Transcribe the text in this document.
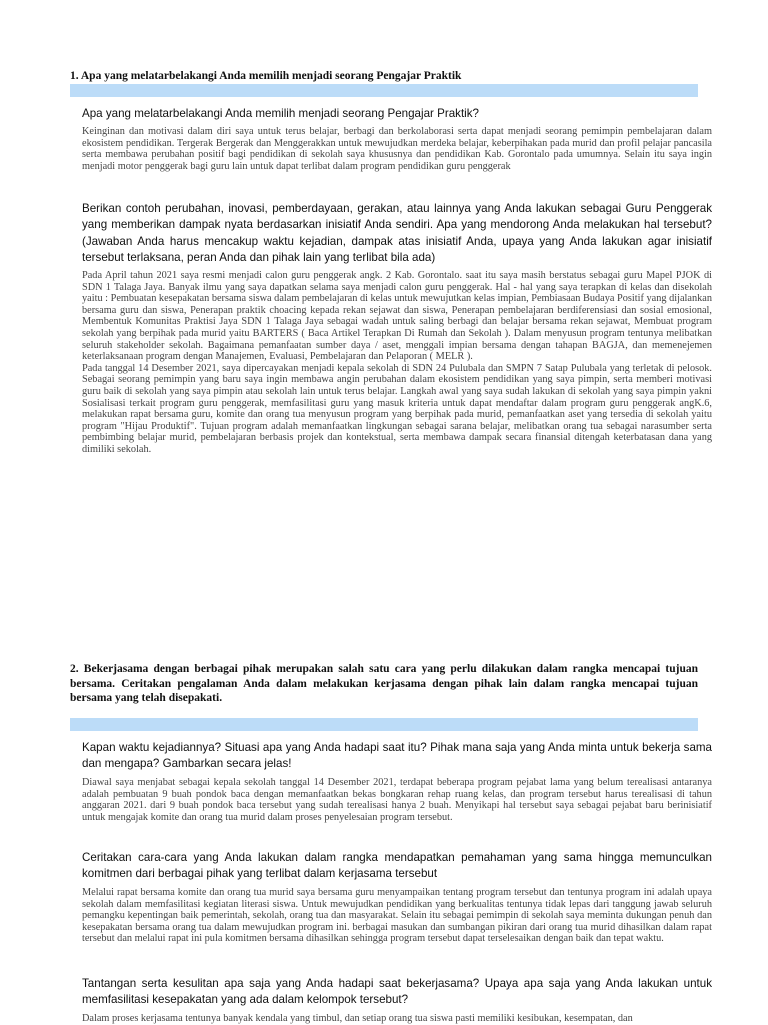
1. Apa yang melatarbelakangi Anda memilih menjadi seorang Pengajar Praktik
Apa yang melatarbelakangi Anda memilih menjadi seorang Pengajar Praktik?
Keinginan dan motivasi dalam diri saya untuk terus belajar, berbagi dan berkolaborasi serta dapat menjadi seorang pemimpin pembelajaran dalam ekosistem pendidikan. Tergerak Bergerak dan Menggerakkan untuk mewujudkan merdeka belajar, keberpihakan pada murid dan profil pelajar pancasila serta membawa perubahan positif bagi pendidikan di sekolah saya khususnya dan pendidikan Kab. Gorontalo pada umumnya. Selain itu saya ingin menjadi motor penggerak bagi guru lain untuk dapat terlibat dalam program pendidikan guru penggerak
Berikan contoh perubahan, inovasi, pemberdayaan, gerakan, atau lainnya yang Anda lakukan sebagai Guru Penggerak yang memberikan dampak nyata berdasarkan inisiatif Anda sendiri. Apa yang mendorong Anda melakukan hal tersebut? (Jawaban Anda harus mencakup waktu kejadian, dampak atas inisiatif Anda, upaya yang Anda lakukan agar inisiatif tersebut terlaksana, peran Anda dan pihak lain yang terlibat bila ada)
Pada April tahun 2021 saya resmi menjadi calon guru penggerak angk. 2 Kab. Gorontalo. saat itu saya masih berstatus sebagai guru Mapel PJOK di SDN 1 Talaga Jaya. Banyak ilmu yang saya dapatkan selama saya menjadi calon guru penggerak. Hal - hal yang saya terapkan di kelas dan disekolah yaitu : Pembuatan kesepakatan bersama siswa dalam pembelajaran di kelas untuk mewujutkan kelas impian, Pembiasaan Budaya Positif yang dijalankan bersama guru dan siswa, Penerapan praktik choacing kepada rekan sejawat dan siswa, Penerapan pembelajaran berdiferensiasi dan sosial emosional, Membentuk Komunitas Praktisi Jaya SDN 1 Talaga Jaya sebagai wadah untuk saling berbagi dan belajar bersama rekan sejawat, Membuat program sekolah yang berpihak pada murid yaitu BARTERS ( Baca Artikel Terapkan Di Rumah dan Sekolah ). Dalam menyusun program tentunya melibatkan seluruh stakeholder sekolah. Bagaimana pemanfaatan sumber daya / aset, menggali impian bersama dengan tahapan BAGJA, dan memenejemen keterlaksanaan program dengan Manajemen, Evaluasi, Pembelajaran dan Pelaporan ( MELR ).
Pada tanggal 14 Desember 2021, saya dipercayakan menjadi kepala sekolah di SDN 24 Pulubala dan SMPN 7 Satap Pulubala yang terletak di pelosok. Sebagai seorang pemimpin yang baru saya ingin membawa angin perubahan dalam ekosistem pendidikan yang saya pimpin, serta memberi motivasi guru baik di sekolah yang saya pimpin atau sekolah lain untuk terus belajar. Langkah awal yang saya sudah lakukan di sekolah yang saya pimpin yakni Sosialisasi terkait program guru penggerak, memfasilitasi guru yang masuk kriteria untuk dapat mendaftar dalam program guru penggerak angK.6, melakukan rapat bersama guru, komite dan orang tua menyusun program yang berpihak pada murid, pemanfaatkan aset yang tersedia di sekolah yaitu program "Hijau Produktif". Tujuan program adalah memanfaatkan lingkungan sebagai sarana belajar, melibatkan orang tua sebagai narasumber serta pembimbing belajar murid, pembelajaran berbasis projek dan kontekstual, serta membawa dampak secara finansial ditengah keterbatasan dana yang dimiliki sekolah.
2. Bekerjasama dengan berbagai pihak merupakan salah satu cara yang perlu dilakukan dalam rangka mencapai tujuan bersama. Ceritakan pengalaman Anda dalam melakukan kerjasama dengan pihak lain dalam rangka mencapai tujuan bersama yang telah disepakati.
Kapan waktu kejadiannya? Situasi apa yang Anda hadapi saat itu? Pihak mana saja yang Anda minta untuk bekerja sama dan mengapa? Gambarkan secara jelas!
Diawal saya menjabat sebagai kepala sekolah tanggal 14 Desember 2021, terdapat beberapa program pejabat lama yang belum terealisasi antaranya adalah pembuatan 9 buah pondok baca dengan memanfaatkan bekas bongkaran rehap ruang kelas, dan program tersebut harus terealisasi di tahun anggaran 2021. dari 9 buah pondok baca tersebut yang sudah terealisasi hanya 2 buah. Menyikapi hal tersebut saya sebagai pejabat baru berinisiatif untuk mengajak komite dan orang tua murid dalam proses penyelesaian program tersebut.
Ceritakan cara-cara yang Anda lakukan dalam rangka mendapatkan pemahaman yang sama hingga memunculkan komitmen dari berbagai pihak yang terlibat dalam kerjasama tersebut
Melalui rapat bersama komite dan orang tua murid saya bersama guru menyampaikan tentang program tersebut dan tentunya program ini adalah upaya sekolah dalam memfasilitasi kegiatan literasi siswa. Untuk mewujudkan pendidikan yang berkualitas tentunya tidak lepas dari tanggung jawab seluruh pemangku kepentingan baik pemerintah, sekolah, orang tua dan masyarakat. Selain itu sebagai pemimpin di sekolah saya meminta dukungan penuh dan kesepakatan bersama orang tua dalam mewujudkan program ini. berbagai masukan dan sumbangan pikiran dari orang tua murid dihasilkan dalam rapat tersebut dan melalui rapat ini pula komitmen bersama dihasilkan sehingga program tersebut dapat terselesaikan dengan baik dan tepat waktu.
Tantangan serta kesulitan apa saja yang Anda hadapi saat bekerjasama? Upaya apa saja yang Anda lakukan untuk memfasilitasi kesepakatan yang ada dalam kelompok tersebut?
Dalam proses kerjasama tentunya banyak kendala yang timbul, dan setiap orang tua siswa pasti memiliki kesibukan, kesempatan, dan
